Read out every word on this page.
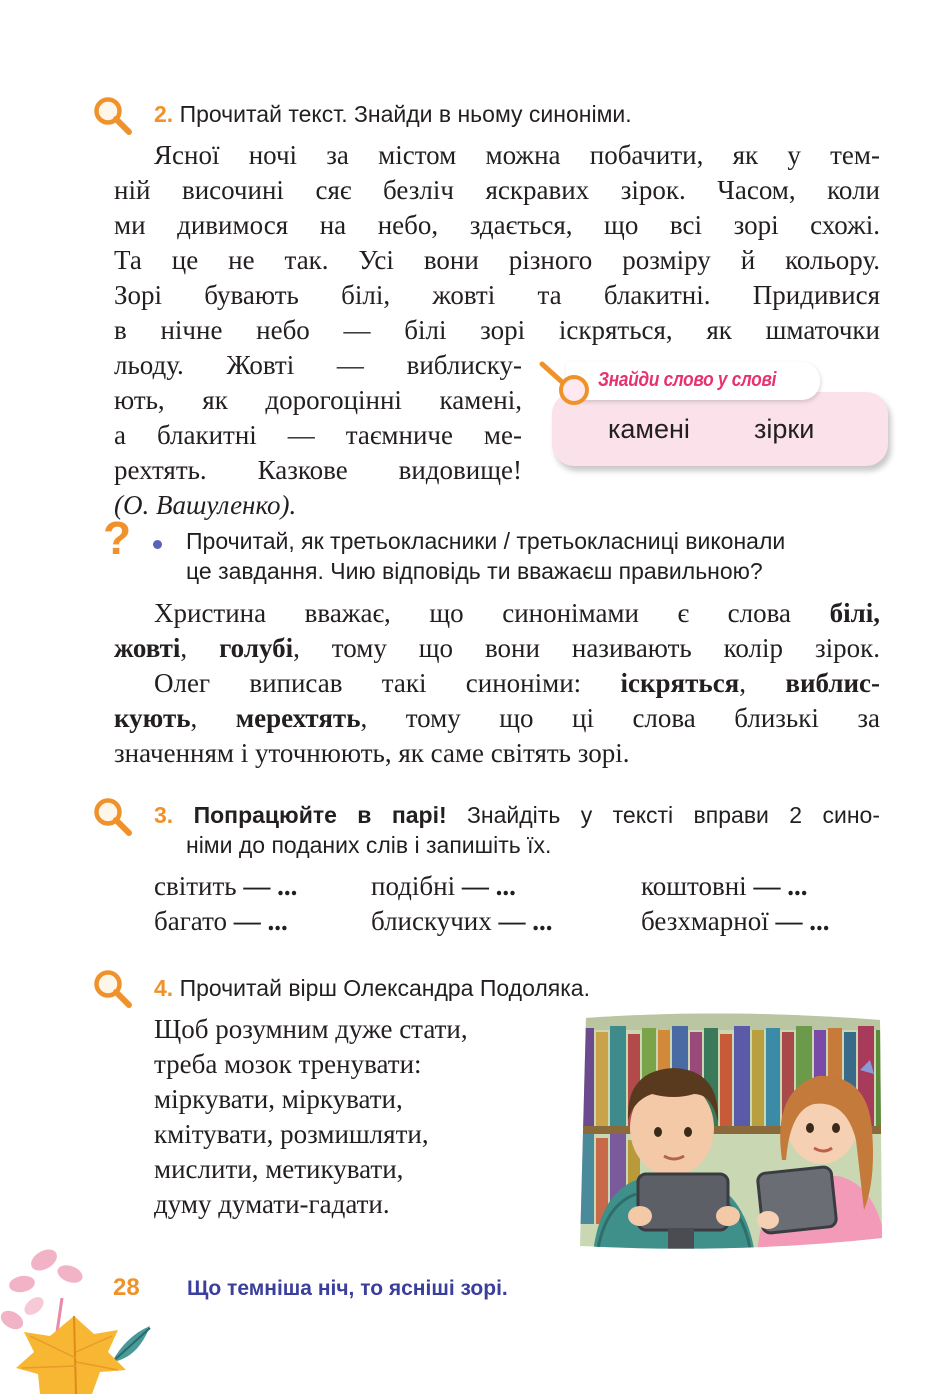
2. Прочитай текст. Знайди в ньому синоніми.
Ясної ночі за містом можна побачити, як у тем-
ній височині сяє безліч яскравих зірок. Часом, коли
ми дивимося на небо, здається, що всі зорі схожі.
Та це не так. Усі вони різного розміру й кольору.
Зорі бувають білі, жовті та блакитні. Придивися
в нічне небо — білі зорі іскряться, як шматочки
льоду. Жовті — виблиску-
ють, як дорогоцінні камені,
а блакитні — таємниче ме-
рехтять. Казкове видовище!
(О. Вашуленко).
Знайди слово у слові
камені зірки
? Прочитай, як третьокласники / третьокласниці виконали
це завдання. Чию відповідь ти вважаєш правильною?
Христина вважає, що синонімами є слова білі,
жовті, голубі, тому що вони називають колір зірок.
Олег виписав такі синоніми: іскряться, виблис-
кують, мерехтять, тому що ці слова близькі за
значенням і уточнюють, як саме світять зорі.
3. Попрацюйте в парі! Знайдіть у тексті вправи 2 сино-
німи до поданих слів і запишіть їх.
світить — ...	подібні — ...	коштовні — ...
багато — ...	блискучих — ...	безхмарної — ...
4. Прочитай вірш Олександра Подоляка.
Щоб розумним дуже стати,
треба мозок тренувати:
міркувати, міркувати,
кмітувати, розмишляти,
мислити, метикувати,
думу думати-гадати.
28 Що темніша ніч, то ясніші зорі.
